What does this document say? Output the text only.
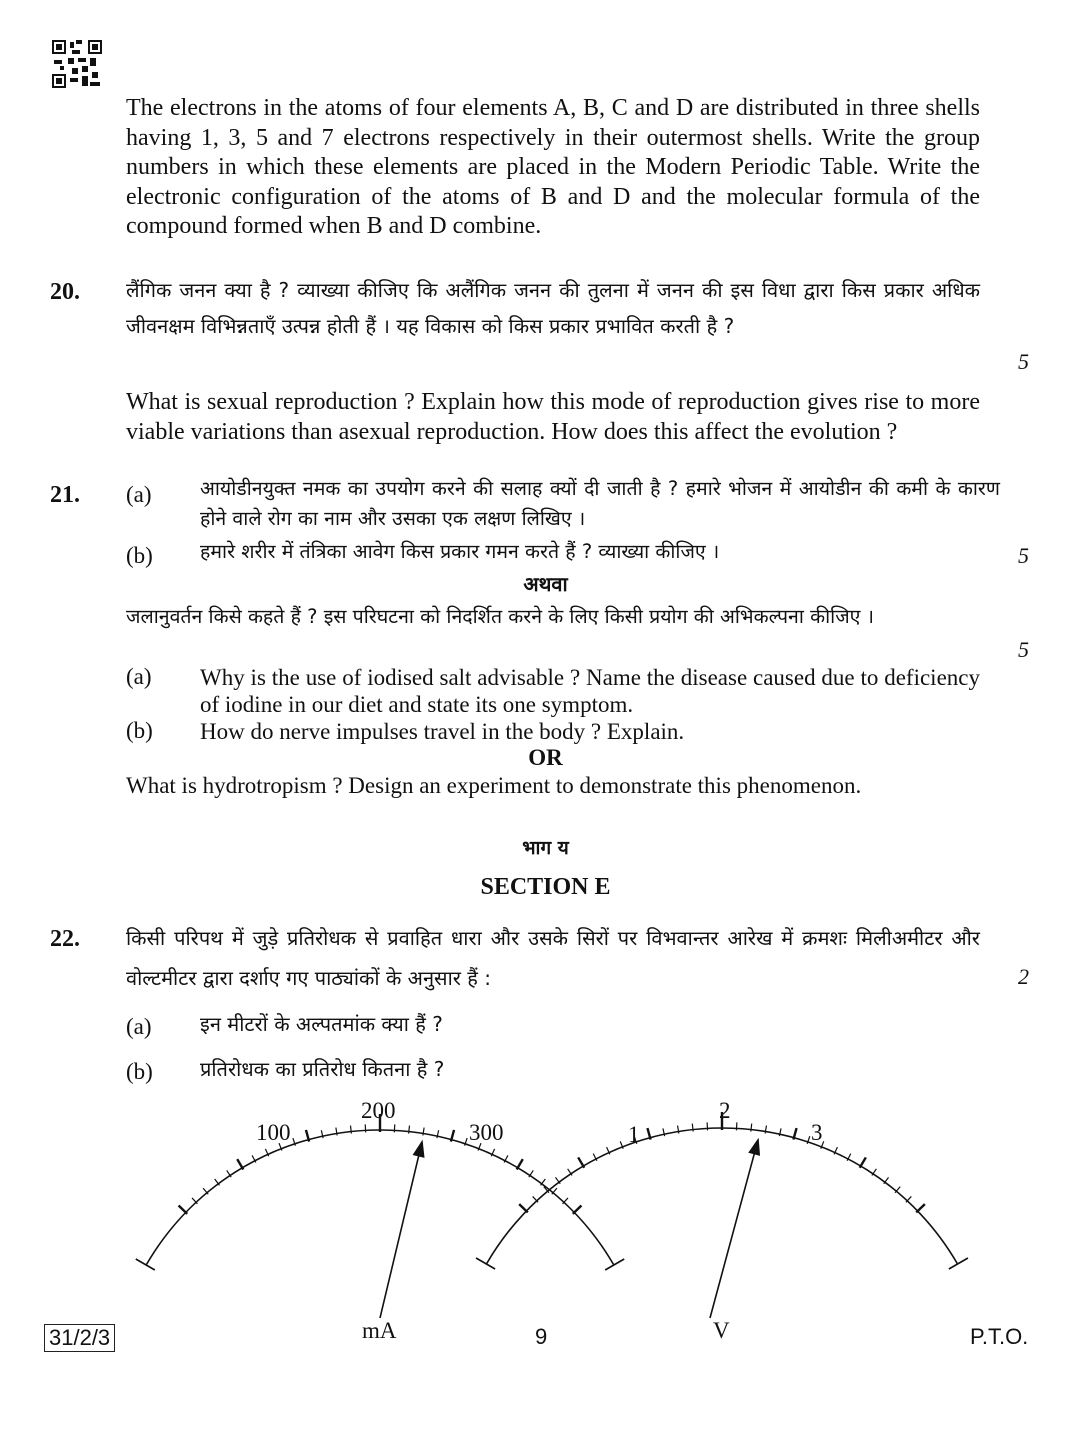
The electrons in the atoms of four elements A, B, C and D are distributed in three shells having 1, 3, 5 and 7 electrons respectively in their outermost shells. Write the group numbers in which these elements are placed in the Modern Periodic Table. Write the electronic configuration of the atoms of B and D and the molecular formula of the compound formed when B and D combine.

20. लैंगिक जनन क्या है ? व्याख्या कीजिए कि अलैंगिक जनन की तुलना में जनन की इस विधा द्वारा किस प्रकार अधिक जीवनक्षम विभिन्नताएँ उत्पन्न होती हैं । यह विकास को किस प्रकार प्रभावित करती है ?

5

What is sexual reproduction ? Explain how this mode of reproduction gives rise to more viable variations than asexual reproduction. How does this affect the evolution ?

21. (a) आयोडीनयुक्त नमक का उपयोग करने की सलाह क्यों दी जाती है ? हमारे भोजन में आयोडीन की कमी के कारण होने वाले रोग का नाम और उसका एक लक्षण लिखिए ।

(b) हमारे शरीर में तंत्रिका आवेग किस प्रकार गमन करते हैं ? व्याख्या कीजिए ।	5
अथवा

जलानुवर्तन किसे कहते हैं ? इस परिघटना को निदर्शित करने के लिए किसी प्रयोग की अभिकल्पना कीजिए ।

5
(a) Why is the use of iodised salt advisable ? Name the disease caused due to deficiency of iodine in our diet and state its one symptom.

(b) How do nerve impulses travel in the body ? Explain.

OR

What is hydrotropism ? Design an experiment to demonstrate this phenomenon.

भाग य
SECTION E
22. किसी परिपथ में जुड़े प्रतिरोधक से प्रवाहित धारा और उसके सिरों पर विभवान्तर आरेख में क्रमशः मिलीअमीटर और वोल्टमीटर द्वारा दर्शाए गए पाठ्यांकों के अनुसार हैं :	2
(a) इन मीटरों के अल्पतमांक क्या हैं ?
(b) प्रतिरोधक का प्रतिरोध कितना है ?
100
200
300
mA
1
2
3
V
31/2/3	9	P.T.O.
